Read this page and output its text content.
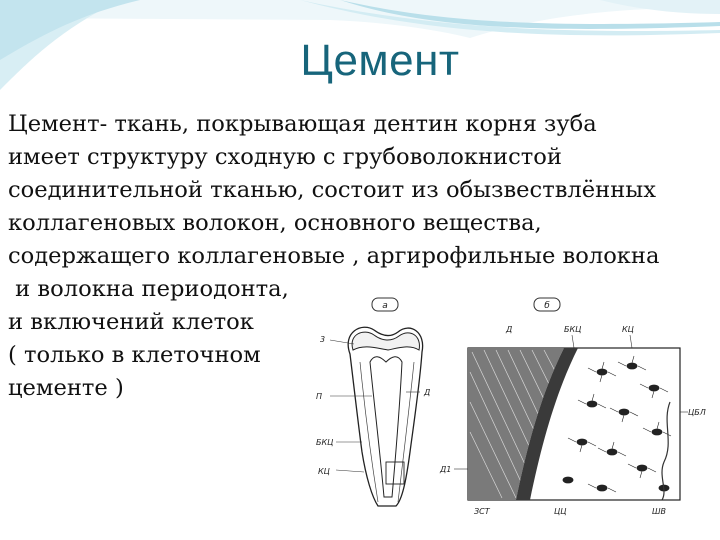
Цемент
Цемент- ткань, покрывающая дентин корня зуба
имеет структуру сходную с грубоволокнистой
соединительной тканью, состоит из обызвествлённых
коллагеновых волокон, основного вещества,
содержащего коллагеновые , аргирофильные волокна
и волокна периодонта,
и включений клеток
( только в клеточном
цементе )
а
3
П	Д
БКЦ
КЦ
б
Д	БКЦ	КЦ
ЦБЛ
Д1
ЗСТ	ЦЦ	ШВ
